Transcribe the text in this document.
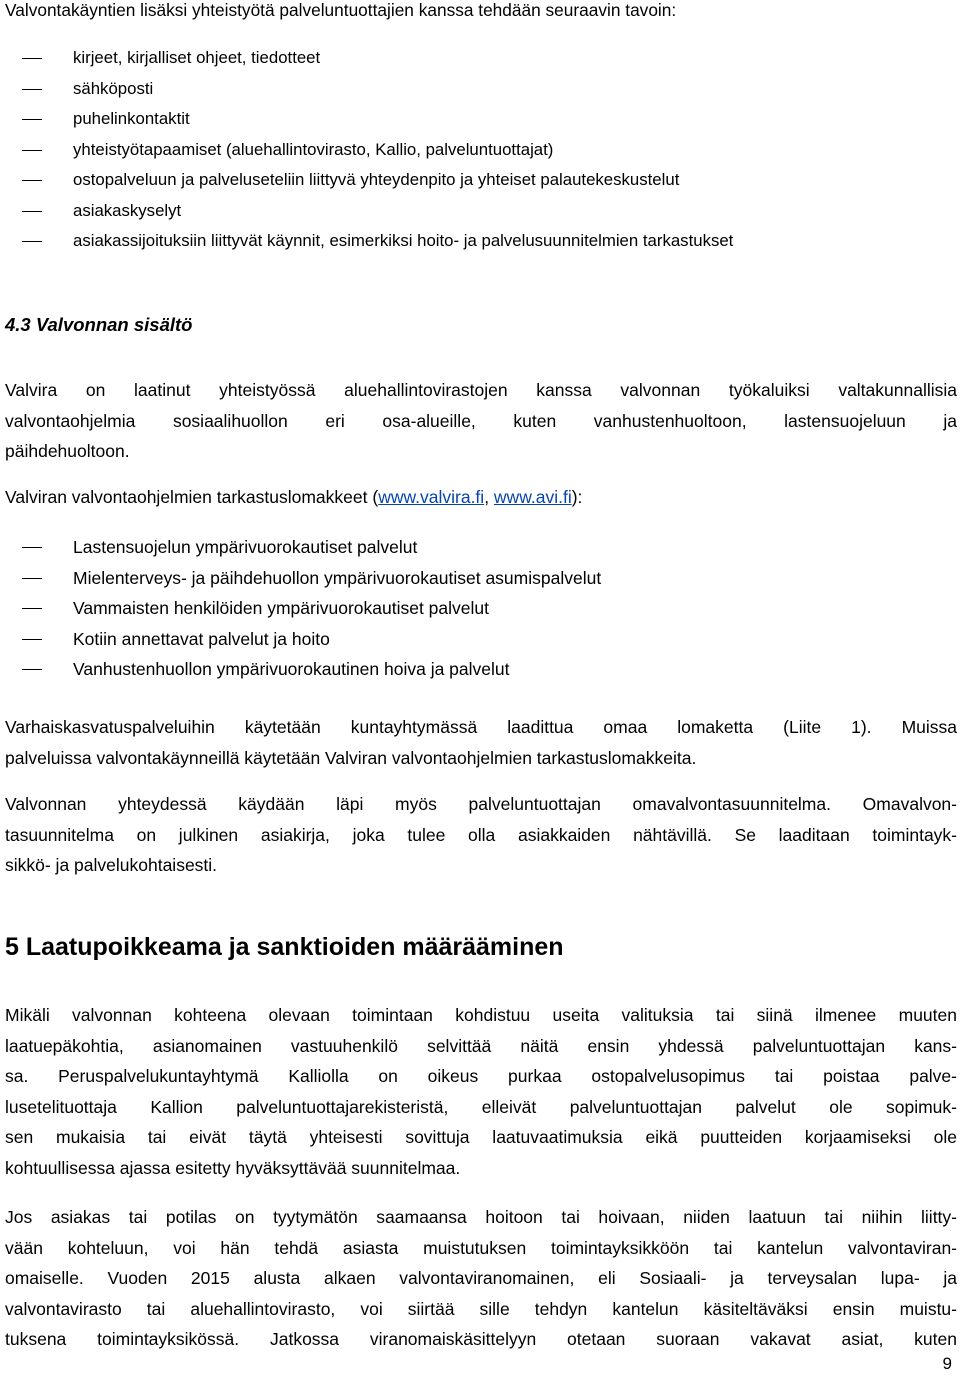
Valvontakäyntien lisäksi yhteistyötä palveluntuottajien kanssa tehdään seuraavin tavoin:

kirjeet, kirjalliset ohjeet, tiedotteet
sähköposti
puhelinkontaktit
yhteistyötapaamiset (aluehallintovirasto, Kallio, palveluntuottajat)
ostopalveluun ja palveluseteliin liittyvä yhteydenpito ja yhteiset palautekeskustelut
asiakaskyselyt
asiakassijoituksiin liittyvät käynnit, esimerkiksi hoito- ja palvelusuunnitelmien tarkastukset
4.3 Valvonnan sisältö

Valvira on laatinut yhteistyössä aluehallintovirastojen kanssa valvonnan työkaluiksi valtakunnallisia
valvontaohjelmia sosiaalihuollon eri osa-alueille, kuten vanhustenhuoltoon, lastensuojeluun ja
päihdehuoltoon.

Valviran valvontaohjelmien tarkastuslomakkeet (www.valvira.fi, www.avi.fi):

Lastensuojelun ympärivuorokautiset palvelut
Mielenterveys- ja päihdehuollon ympärivuorokautiset asumispalvelut
Vammaisten henkilöiden ympärivuorokautiset palvelut
Kotiin annettavat palvelut ja hoito
Vanhustenhuollon ympärivuorokautinen hoiva ja palvelut

Varhaiskasvatuspalveluihin käytetään kuntayhtymässä laadittua omaa lomaketta (Liite 1). Muissa
palveluissa valvontakäynneillä käytetään Valviran valvontaohjelmien tarkastuslomakkeita.

Valvonnan yhteydessä käydään läpi myös palveluntuottajan omavalvontasuunnitelma. Omavalvon-
tasuunnitelma on julkinen asiakirja, joka tulee olla asiakkaiden nähtävillä. Se laaditaan toimintayk-
sikkö- ja palvelukohtaisesti.

5 Laatupoikkeama ja sanktioiden määrääminen

Mikäli valvonnan kohteena olevaan toimintaan kohdistuu useita valituksia tai siinä ilmenee muuten
laatuepäkohtia, asianomainen vastuuhenkilö selvittää näitä ensin yhdessä palveluntuottajan kans-
sa. Peruspalvelukuntayhtymä Kalliolla on oikeus purkaa ostopalvelusopimus tai poistaa palve-
lusetelituottaja Kallion palveluntuottajarekisteristä, elleivät palveluntuottajan palvelut ole sopimuk-
sen mukaisia tai eivät täytä yhteisesti sovittuja laatuvaatimuksia eikä puutteiden korjaamiseksi ole
kohtuullisessa ajassa esitetty hyväksyttävää suunnitelmaa.

Jos asiakas tai potilas on tyytymätön saamaansa hoitoon tai hoivaan, niiden laatuun tai niihin liitty-
vään kohteluun, voi hän tehdä asiasta muistutuksen toimintayksikköön tai kantelun valvontaviran-
omaiselle. Vuoden 2015 alusta alkaen valvontaviranomainen, eli Sosiaali- ja terveysalan lupa- ja
valvontavirasto tai aluehallintovirasto, voi siirtää sille tehdyn kantelun käsiteltäväksi ensin muistu-
tuksena toimintayksikössä. Jatkossa viranomaiskäsittelyyn otetaan suoraan vakavat asiat, kuten

9
